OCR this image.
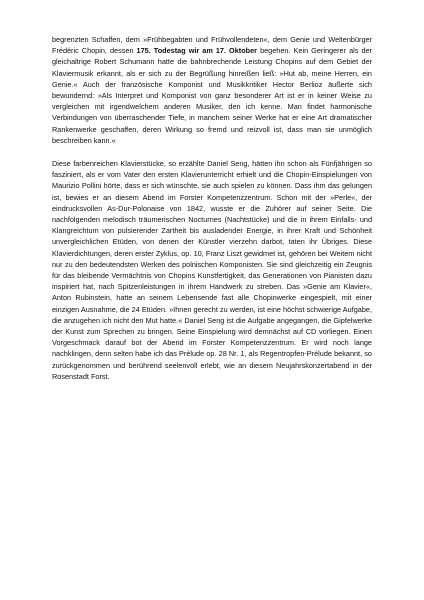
begrenzten Schaffen, dem »Frühbegabten und Frühvollendeten«, dem Genie und Weltenbürger Frédéric Chopin, dessen 175. Todestag wir am 17. Oktober begehen. Kein Geringerer als der gleichaltrige Robert Schumann hatte die bahnbrechende Leistung Chopins auf dem Gebiet der Klaviermusik erkannt, als er sich zu der Begrüßung hinreißen ließ: »Hut ab, meine Herren, ein Genie.« Auch der französische Komponist und Musikkritiker Hector Berlioz äußerte sich bewundernd: »Als Interpret und Komponist von ganz besonderer Art ist er in keiner Weise zu vergleichen mit irgendwelchem anderen Musiker, den ich kenne. Man findet harmonische Verbindungen von überraschender Tiefe, in manchem seiner Werke hat er eine Art dramatischer Rankenwerke geschaffen, deren Wirkung so fremd und reizvoll ist, dass man sie unmöglich beschreiben kann.«

Diese farbenreichen Klavierstücke, so erzählte Daniel Seng, hätten ihn schon als Fünfjährigen so fasziniert, als er vom Vater den ersten Klavierunterricht erhielt und die Chopin-Einspielungen von Maurizio Pollini hörte, dass er sich wünschte, sie auch spielen zu können. Dass ihm das gelungen ist, bewies er an diesem Abend im Forster Kompetenzzentrum. Schon mit der »Perle«, der eindrucksvollen As-Dur-Polonaise von 1842, wusste er die Zuhörer auf seiner Seite. Die nachfolgenden melodisch träumerischen Nocturnes (Nachtstücke) und die in ihrem Einfalls- und Klangreichtum von pulsierender Zartheit bis ausladender Energie, in ihrer Kraft und Schönheit unvergleichlichen Etüden, von denen der Künstler vierzehn darbot, taten ihr Übriges. Diese Klavierdichtungen, deren erster Zyklus, op. 10, Franz Liszt gewidmet ist, gehören bei Weitem nicht nur zu den bedeutendsten Werken des polnischen Komponisten. Sie sind gleichzeitig ein Zeugnis für das bleibende Vermächtnis von Chopins Kunstfertigkeit, das Generationen von Pianisten dazu inspiriert hat, nach Spitzenleistungen in ihrem Handwerk zu streben. Das »Genie am Klavier«, Anton Rubinstein, hatte an seinem Lebensende fast alle Chopinwerke eingespielt, mit einer einzigen Ausnahme, die 24 Etüden. »Ihnen gerecht zu werden, ist eine höchst schwierige Aufgabe, die anzugehen ich nicht den Mut hatte.« Daniel Seng ist die Aufgabe angegangen, die Gipfelwerke der Kunst zum Sprechen zu bringen. Seine Einspielung wird demnächst auf CD vorliegen. Einen Vorgeschmack darauf bot der Abend im Forster Kompetenzzentrum. Er wird noch lange nachklingen, denn selten habe ich das Prélude op. 28 Nr. 1, als Regentropfen-Prélude bekannt, so zurückgenommen und berührend seelenvoll erlebt, wie an diesem Neujahrskonzertabend in der Rosenstadt Forst.
